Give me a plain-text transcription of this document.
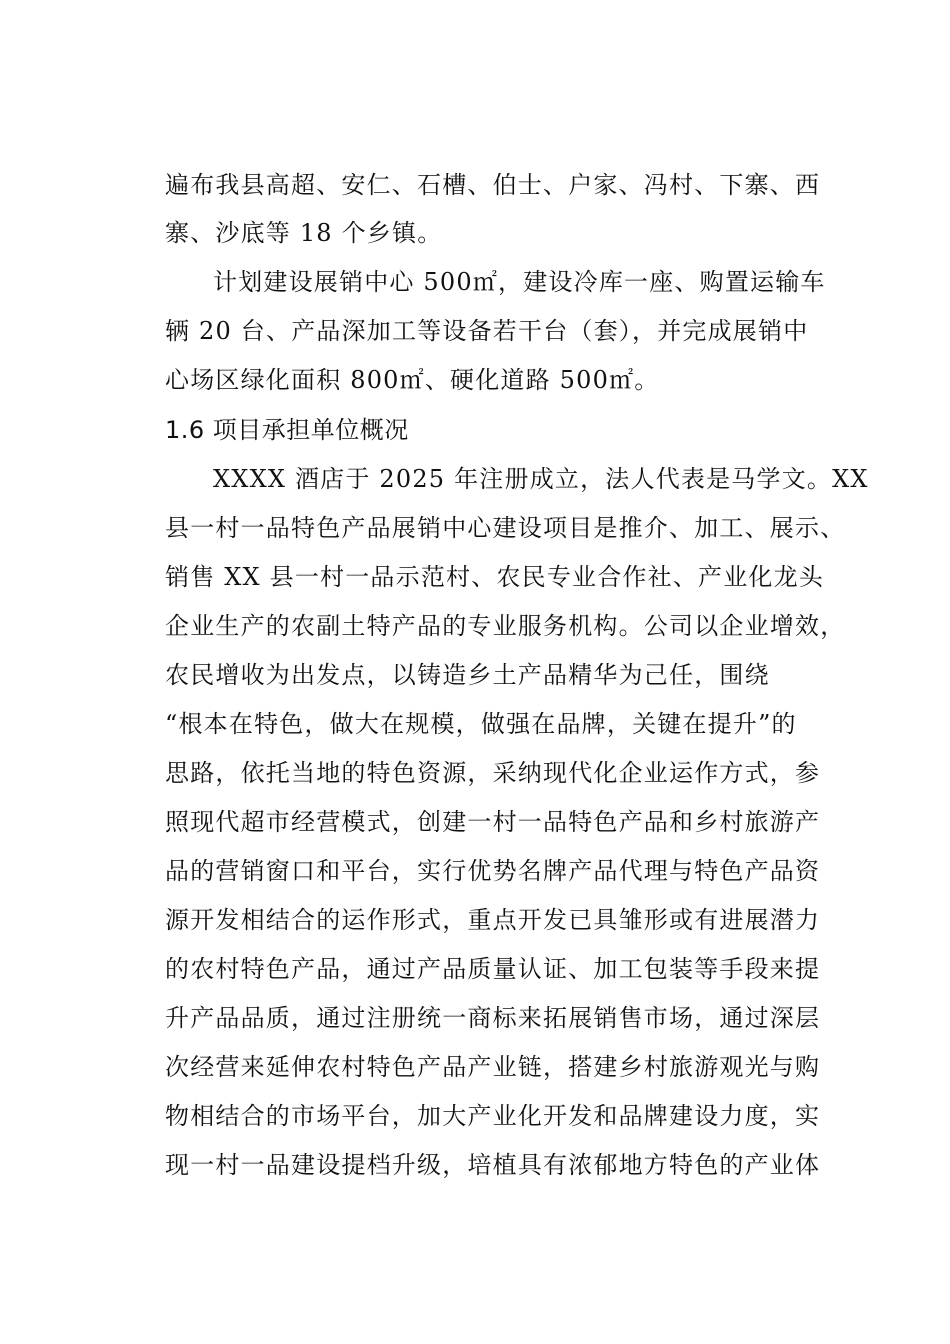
遍布我县高超、安仁、石槽、伯士、户家、冯村、下寨、西
寨、沙底等 18 个乡镇。
计划建设展销中心 500㎡，建设冷库一座、购置运输车
辆 20 台、产品深加工等设备若干台（套），并完成展销中
心场区绿化面积 800㎡、硬化道路 500㎡。
1.6 项目承担单位概况
XXXX 酒店于 2025 年注册成立，法人代表是马学文。XX
县一村一品特色产品展销中心建设项目是推介、加工、展示、
销售 XX 县一村一品示范村、农民专业合作社、产业化龙头
企业生产的农副土特产品的专业服务机构。公司以企业增效，
农民增收为出发点，以铸造乡土产品精华为己任，围绕
“根本在特色，做大在规模，做强在品牌，关键在提升”的
思路，依托当地的特色资源，采纳现代化企业运作方式，参
照现代超市经营模式，创建一村一品特色产品和乡村旅游产
品的营销窗口和平台，实行优势名牌产品代理与特色产品资
源开发相结合的运作形式，重点开发已具雏形或有进展潜力
的农村特色产品，通过产品质量认证、加工包装等手段来提
升产品品质，通过注册统一商标来拓展销售市场，通过深层
次经营来延伸农村特色产品产业链，搭建乡村旅游观光与购
物相结合的市场平台，加大产业化开发和品牌建设力度，实
现一村一品建设提档升级，培植具有浓郁地方特色的产业体
